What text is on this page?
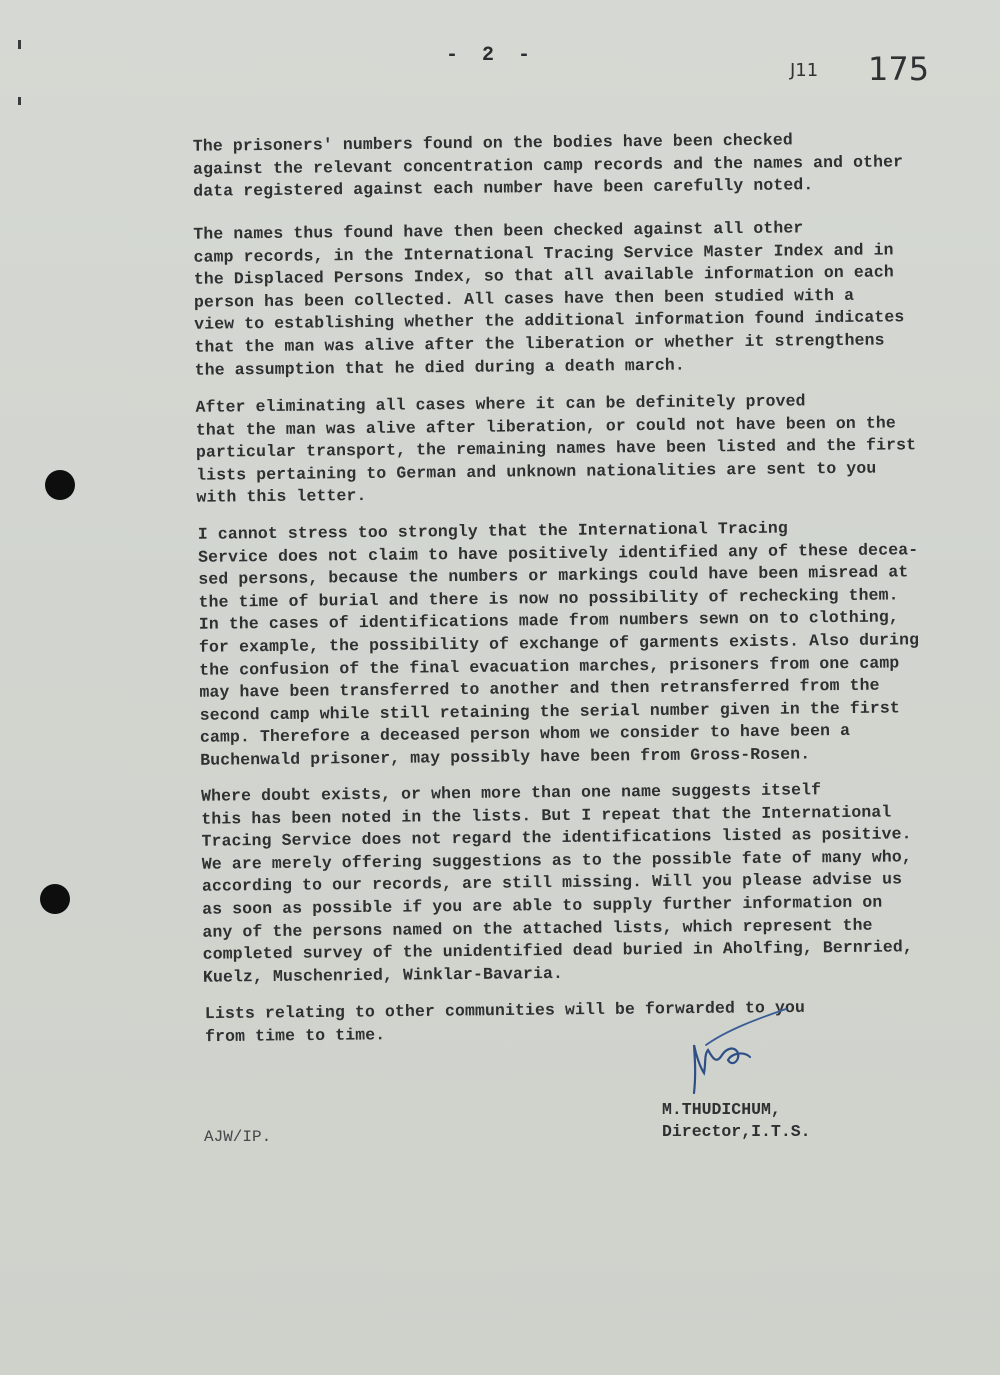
- 2 -
J11 175

The prisoners' numbers found on the bodies have been checked
against the relevant concentration camp records and the names and other
data registered against each number have been carefully noted.

The names thus found have then been checked against all other
camp records, in the International Tracing Service Master Index and in
the Displaced Persons Index, so that all available information on each
person has been collected. All cases have then been studied with a
view to establishing whether the additional information found indicates
that the man was alive after the liberation or whether it strengthens
the assumption that he died during a death march.

After eliminating all cases where it can be definitely proved
that the man was alive after liberation, or could not have been on the
particular transport, the remaining names have been listed and the first
lists pertaining to German and unknown nationalities are sent to you
with this letter.

I cannot stress too strongly that the International Tracing
Service does not claim to have positively identified any of these decea-
sed persons, because the numbers or markings could have been misread at
the time of burial and there is now no possibility of rechecking them.
In the cases of identifications made from numbers sewn on to clothing,
for example, the possibility of exchange of garments exists. Also during
the confusion of the final evacuation marches, prisoners from one camp
may have been transferred to another and then retransferred from the
second camp while still retaining the serial number given in the first
camp. Therefore a deceased person whom we consider to have been a
Buchenwald prisoner, may possibly have been from Gross-Rosen.

Where doubt exists, or when more than one name suggests itself
this has been noted in the lists. But I repeat that the International
Tracing Service does not regard the identifications listed as positive.
We are merely offering suggestions as to the possible fate of many who,
according to our records, are still missing. Will you please advise us
as soon as possible if you are able to supply further information on
any of the persons named on the attached lists, which represent the
completed survey of the unidentified dead buried in Aholfing, Bernried,
Kuelz, Muschenried, Winklar-Bavaria.

Lists relating to other communities will be forwarded to you
from time to time.

M.THUDICHUM,
Director,I.T.S.
AJW/IP.
